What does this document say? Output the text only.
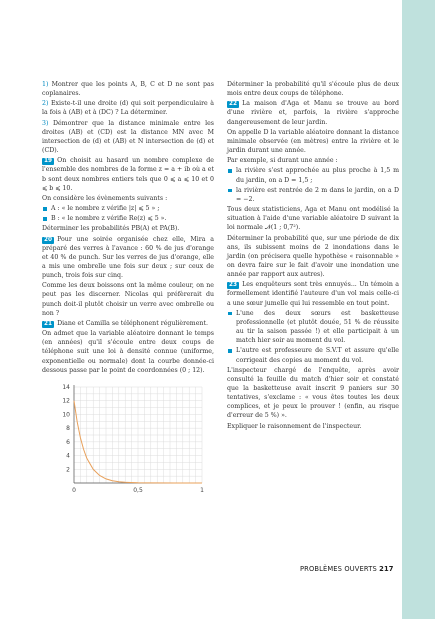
1) Montrer que les points A, B, C et D ne sont pas coplanaires.

2) Existe-t-il une droite (d) qui soit perpendiculaire à la fois à (AB) et à (DC) ? La déterminer.

3) Démontrer que la distance minimale entre les droites (AB) et (CD) est la distance MN avec M intersection de (d) et (AB) et N intersection de (d) et (CD).

19 On choisit au hasard un nombre complexe de l'ensemble des nombres de la forme z = a + ib où a et b sont deux nombres entiers tels que 0 ⩽ a ⩽ 10 et 0 ⩽ b ⩽ 10.

On considère les évènements suivants :

A : « le nombre z vérifie |z| ⩽ 5 » ;

B : « le nombre z vérifie Re(z) ⩽ 5 ».

Déterminer les probabilités PB(A) et PA(B).

20 Pour une soirée organisée chez elle, Mira a préparé des verres à l'avance : 60 % de jus d'orange et 40 % de punch. Sur les verres de jus d'orange, elle a mis une ombrelle une fois sur deux ; sur ceux de punch, trois fois sur cinq.

Comme les deux boissons ont la même couleur, on ne peut pas les discerner. Nicolas qui préfèrerait du punch doit-il plutôt choisir un verre avec ombrelle ou non ?

21 Diane et Camilla se téléphonent régulièrement.

On admet que la variable aléatoire donnant le temps (en années) qu'il s'écoule entre deux coups de téléphone suit une loi à densité connue (uniforme, exponentielle ou normale) dont la courbe donnée-ci dessous passe par le point de coordonnées (0 ; 12).

2
4
6
8
10
12
14
0	0,5	1

Déterminer la probabilité qu'il s'écoule plus de deux mois entre deux coups de téléphone.

22 La maison d'Aga et Manu se trouve au bord d'une rivière et, parfois, la rivière s'approche dangereusement de leur jardin.

On appelle D la variable aléatoire donnant la distance minimale observée (en mètres) entre la rivière et le jardin durant une année.

Par exemple, si durant une année :

la rivière s'est approchée au plus proche à 1,5 m du jardin, on a D = 1,5 ;

la rivière est rentrée de 2 m dans le jardin, on a D = −2.

Tous deux statisticiens, Aga et Manu ont modélisé la situation à l'aide d'une variable aléatoire D suivant la loi normale 𝒩(1 ; 0,7²).

Déterminer la probabilité que, sur une période de dix ans, ils subissent moins de 2 inondations dans le jardin (on précisera quelle hypothèse « raisonnable » on devra faire sur le fait d'avoir une inondation une année par rapport aux autres).

23 Les enquêteurs sont très ennuyés... Un témoin a formellement identifié l'auteure d'un vol mais celle-ci a une sœur jumelle qui lui ressemble en tout point.

L'une des deux sœurs est basketteuse professionnelle (et plutôt douée, 51 % de réussite au tir la saison passée !) et elle participait à un match hier soir au moment du vol.

L'autre est professeure de S.V.T et assure qu'elle corrigeait des copies au moment du vol.

L'inspecteur chargé de l'enquête, après avoir consulté la feuille du match d'hier soir et constaté que la basketteuse avait inscrit 9 paniers sur 30 tentatives, s'exclame : « vous êtes toutes les deux complices, et je peux le prouver ! (enfin, au risque d'erreur de 5 %) ».

Expliquer le raisonnement de l'inspecteur.

PROBLÈMES OUVERTS 217
